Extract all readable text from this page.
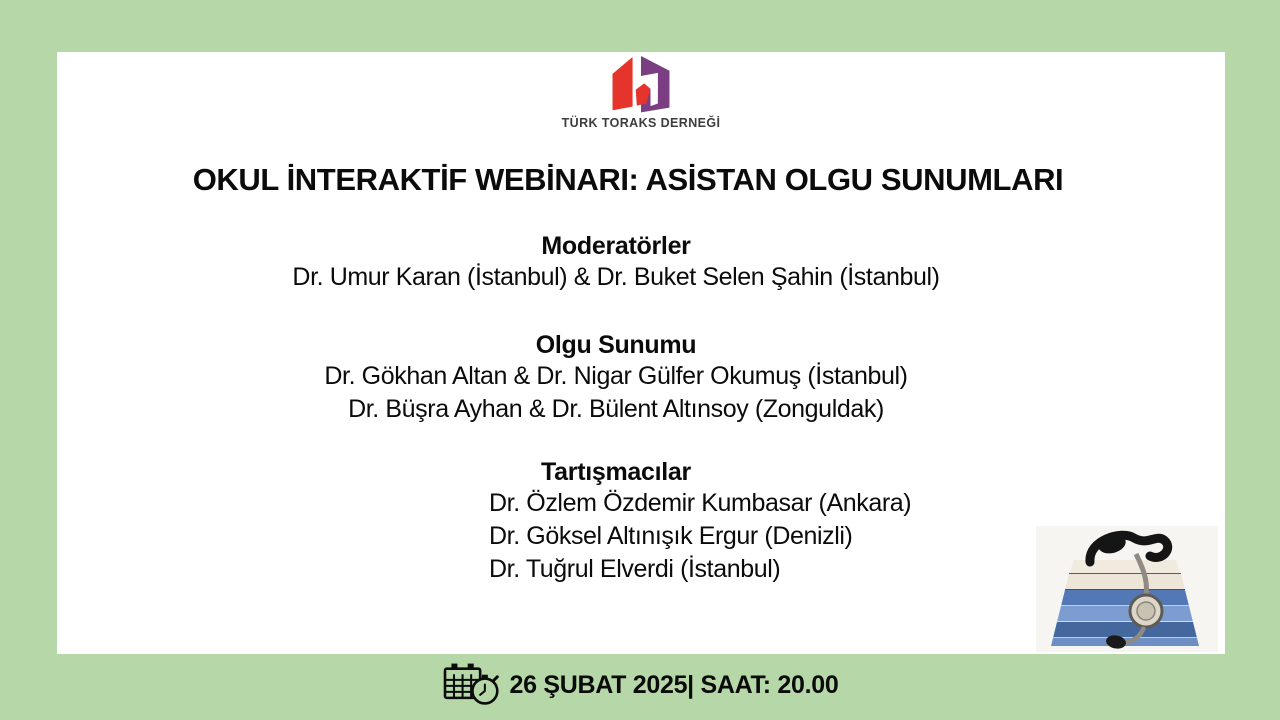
TÜRK TORAKS DERNEĞİ
OKUL İNTERAKTİF WEBİNARI: ASİSTAN OLGU SUNUMLARI
Moderatörler
Dr. Umur Karan (İstanbul) & Dr. Buket Selen Şahin (İstanbul)
Olgu Sunumu
Dr. Gökhan Altan & Dr. Nigar Gülfer Okumuş (İstanbul)
Dr. Büşra Ayhan & Dr. Bülent Altınsoy (Zonguldak)
Tartışmacılar
Dr. Özlem Özdemir Kumbasar (Ankara)
Dr. Göksel Altınışık Ergur (Denizli)
Dr. Tuğrul Elverdi (İstanbul)
26 ŞUBAT 2025| SAAT: 20.00
